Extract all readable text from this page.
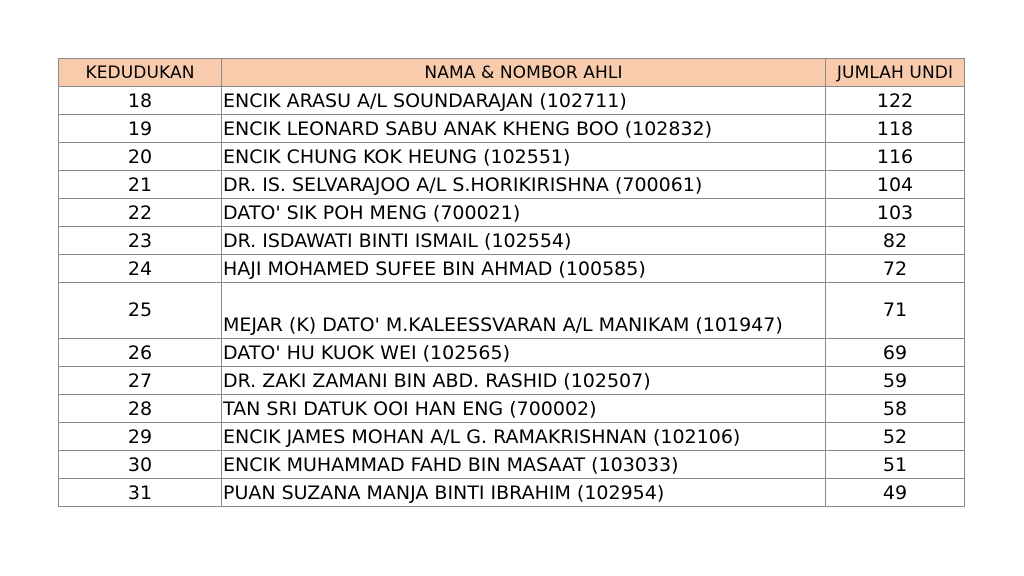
KEDUDUKAN	NAMA & NOMBOR AHLI	JUMLAH UNDI
18	ENCIK ARASU A/L SOUNDARAJAN (102711)	122
19	ENCIK LEONARD SABU ANAK KHENG BOO (102832)	118
20	ENCIK CHUNG KOK HEUNG (102551)	116
21	DR. IS. SELVARAJOO A/L S.HORIKIRISHNA (700061)	104
22	DATO' SIK POH MENG (700021)	103
23	DR. ISDAWATI BINTI ISMAIL (102554)	82
24	HAJI MOHAMED SUFEE BIN AHMAD (100585)	72
25	MEJAR (K) DATO' M.KALEESSVARAN A/L MANIKAM (101947)	71
26	DATO' HU KUOK WEI (102565)	69
27	DR. ZAKI ZAMANI BIN ABD. RASHID (102507)	59
28	TAN SRI DATUK OOI HAN ENG (700002)	58
29	ENCIK JAMES MOHAN A/L G. RAMAKRISHNAN (102106)	52
30	ENCIK MUHAMMAD FAHD BIN MASAAT (103033)	51
31	PUAN SUZANA MANJA BINTI IBRAHIM (102954)	49
